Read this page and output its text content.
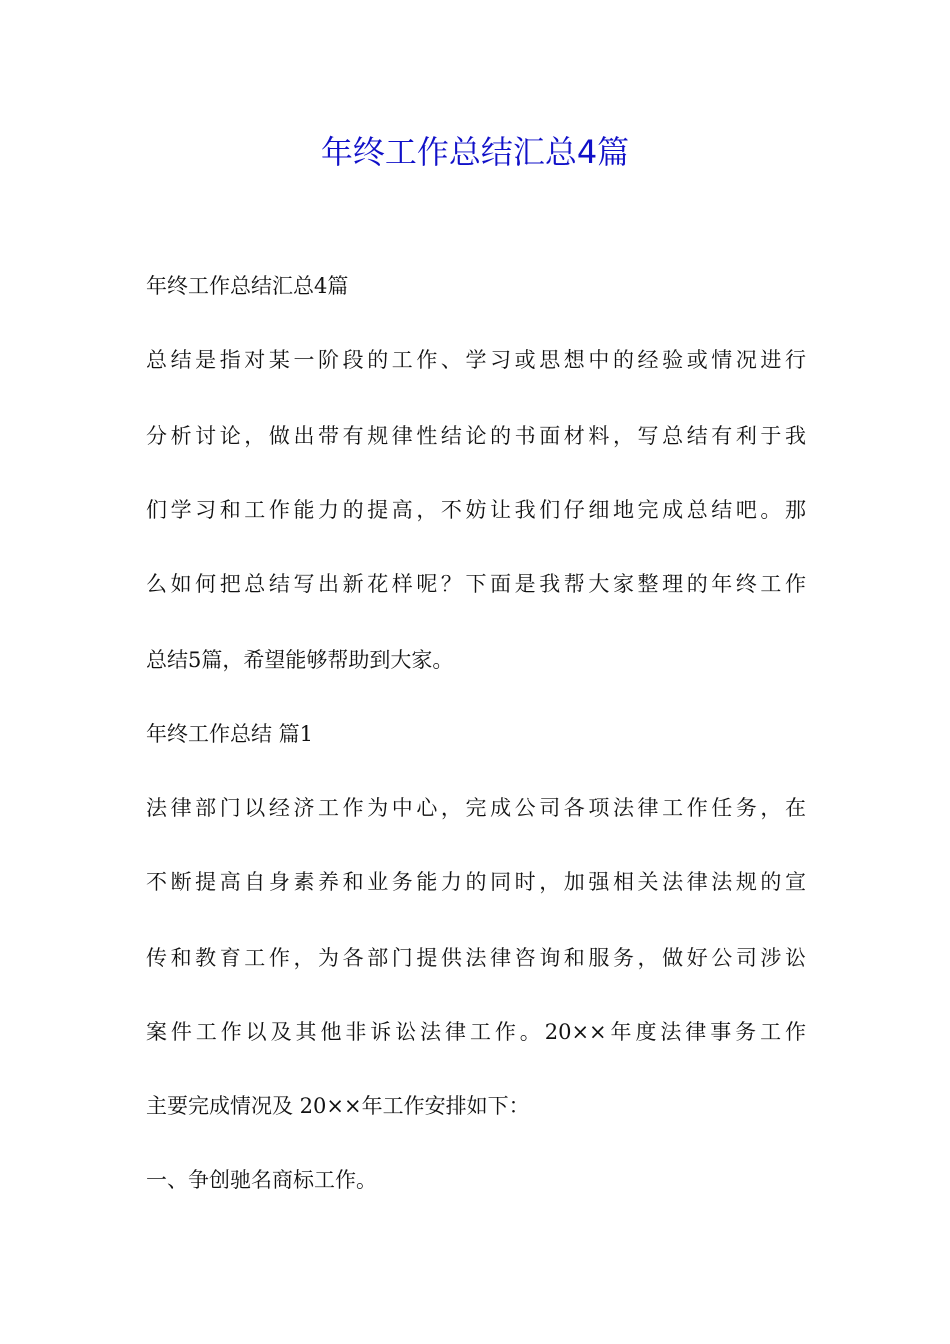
年终工作总结汇总4篇

年终工作总结汇总4篇

总结是指对某一阶段的工作、学习或思想中的经验或情况进行

分析讨论，做出带有规律性结论的书面材料，写总结有利于我

们学习和工作能力的提高，不妨让我们仔细地完成总结吧。那

么如何把总结写出新花样呢？下面是我帮大家整理的年终工作

总结5篇，希望能够帮助到大家。

年终工作总结 篇1

法律部门以经济工作为中心，完成公司各项法律工作任务，在

不断提高自身素养和业务能力的同时，加强相关法律法规的宣

传和教育工作，为各部门提供法律咨询和服务，做好公司涉讼

案件工作以及其他非诉讼法律工作。20××年度法律事务工作

主要完成情况及 20××年工作安排如下：

一、争创驰名商标工作。
